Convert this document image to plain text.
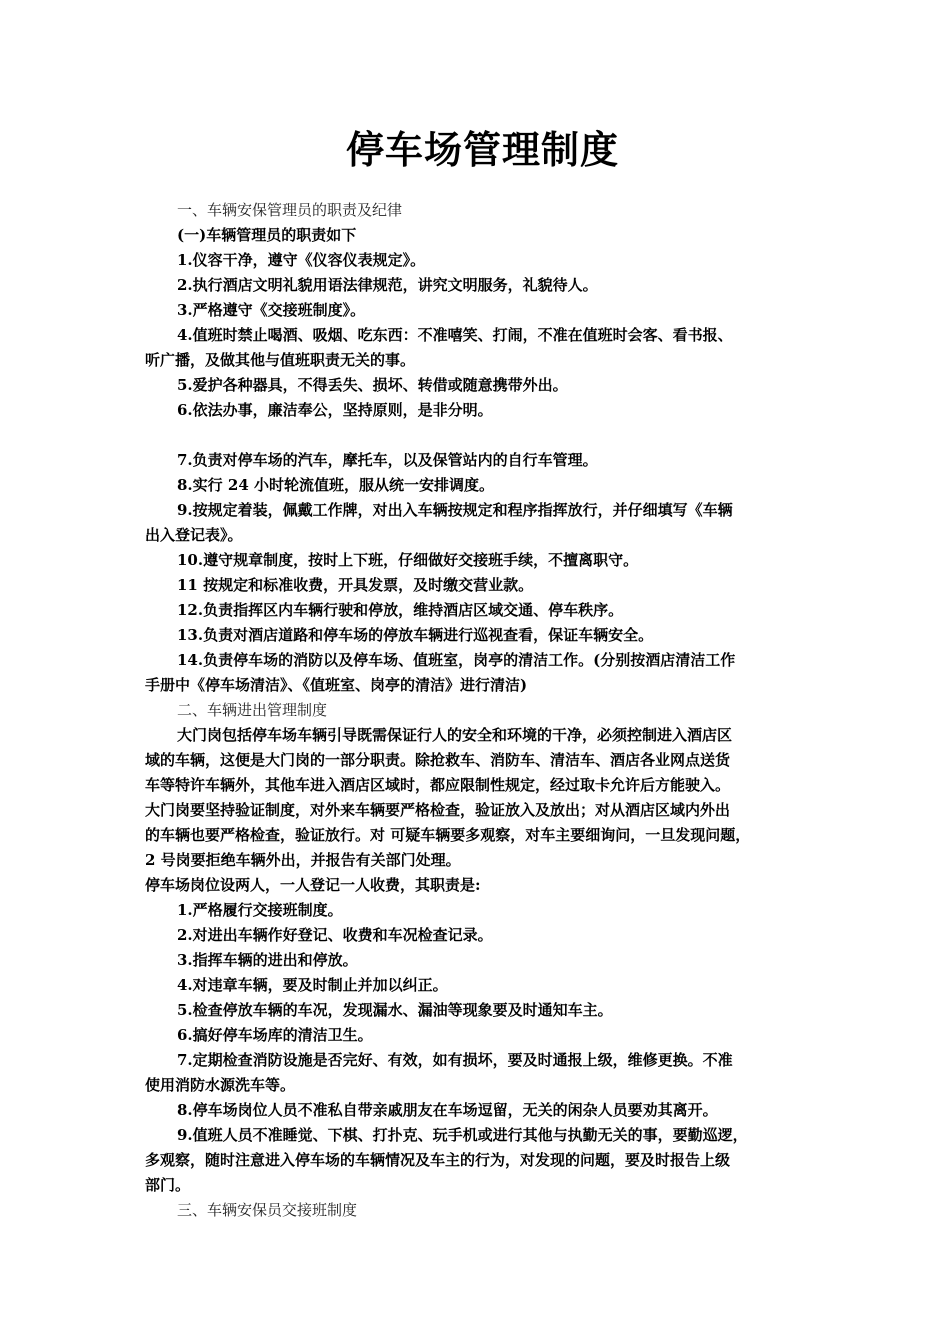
停车场管理制度
一、车辆安保管理员的职责及纪律
(一)车辆管理员的职责如下
1.仪容干净，遵守《仪容仪表规定》。
2.执行酒店文明礼貌用语法律规范，讲究文明服务，礼貌待人。
3.严格遵守《交接班制度》。
4.值班时禁止喝酒、吸烟、吃东西：不准嘻笑、打闹，不准在值班时会客、看书报、
听广播，及做其他与值班职责无关的事。
5.爱护各种器具，不得丢失、损坏、转借或随意携带外出。
6.依法办事，廉洁奉公，坚持原则，是非分明。
7.负责对停车场的汽车，摩托车，以及保管站内的自行车管理。
8.实行 24 小时轮流值班，服从统一安排调度。
9.按规定着装，佩戴工作牌，对出入车辆按规定和程序指挥放行，并仔细填写《车辆
出入登记表》。
10.遵守规章制度，按时上下班，仔细做好交接班手续，不擅离职守。
11 按规定和标准收费，开具发票，及时缴交营业款。
12.负责指挥区内车辆行驶和停放，维持酒店区域交通、停车秩序。
13.负责对酒店道路和停车场的停放车辆进行巡视查看，保证车辆安全。
14.负责停车场的消防以及停车场、值班室，岗亭的清洁工作。(分别按酒店清洁工作
手册中《停车场清洁》、《值班室、岗亭的清洁》进行清洁)
二、车辆进出管理制度
大门岗包括停车场车辆引导既需保证行人的安全和环境的干净，必须控制进入酒店区
域的车辆，这便是大门岗的一部分职责。除抢救车、消防车、清洁车、酒店各业网点送货
车等特许车辆外，其他车进入酒店区域时，都应限制性规定，经过取卡允许后方能驶入。
大门岗要坚持验证制度，对外来车辆要严格检查，验证放入及放出；对从酒店区域内外出
的车辆也要严格检查，验证放行。对 可疑车辆要多观察，对车主要细询问，一旦发现问题，
2 号岗要拒绝车辆外出，并报告有关部门处理。
停车场岗位设两人，一人登记一人收费，其职责是:
1.严格履行交接班制度。
2.对进出车辆作好登记、收费和车况检查记录。
3.指挥车辆的进出和停放。
4.对违章车辆，要及时制止并加以纠正。
5.检查停放车辆的车况，发现漏水、漏油等现象要及时通知车主。
6.搞好停车场库的清洁卫生。
7.定期检查消防设施是否完好、有效，如有损坏，要及时通报上级，维修更换。不准
使用消防水源洗车等。
8.停车场岗位人员不准私自带亲戚朋友在车场逗留，无关的闲杂人员要劝其离开。
9.值班人员不准睡觉、下棋、打扑克、玩手机或进行其他与执勤无关的事，要勤巡逻，
多观察，随时注意进入停车场的车辆情况及车主的行为，对发现的问题，要及时报告上级
部门。
三、车辆安保员交接班制度
